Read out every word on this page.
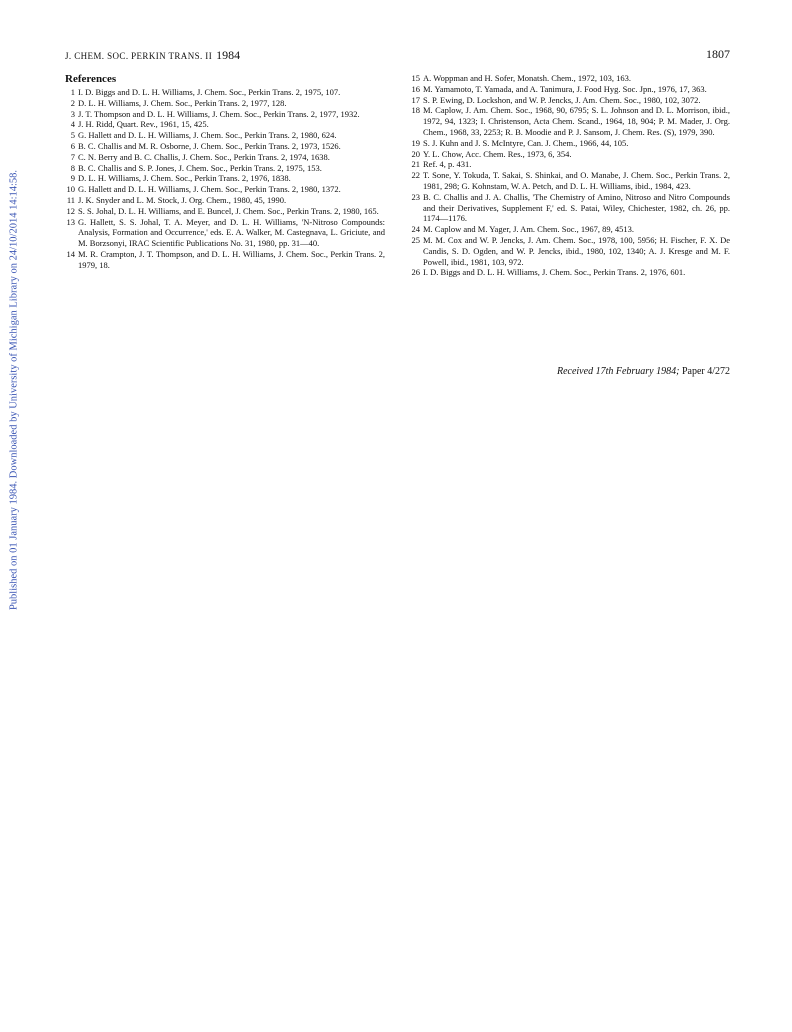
Published on 01 January 1984. Downloaded by University of Michigan Library on 24/10/2014 14:14:58.
J. CHEM. SOC. PERKIN TRANS. II 1984	1807
References
1 I. D. Biggs and D. L. H. Williams, J. Chem. Soc., Perkin Trans. 2, 1975, 107.
2 D. L. H. Williams, J. Chem. Soc., Perkin Trans. 2, 1977, 128.
3 J. T. Thompson and D. L. H. Williams, J. Chem. Soc., Perkin Trans. 2, 1977, 1932.
4 J. H. Ridd, Quart. Rev., 1961, 15, 425.
5 G. Hallett and D. L. H. Williams, J. Chem. Soc., Perkin Trans. 2, 1980, 624.
6 B. C. Challis and M. R. Osborne, J. Chem. Soc., Perkin Trans. 2, 1973, 1526.
7 C. N. Berry and B. C. Challis, J. Chem. Soc., Perkin Trans. 2, 1974, 1638.
8 B. C. Challis and S. P. Jones, J. Chem. Soc., Perkin Trans. 2, 1975, 153.
9 D. L. H. Williams, J. Chem. Soc., Perkin Trans. 2, 1976, 1838.
10 G. Hallett and D. L. H. Williams, J. Chem. Soc., Perkin Trans. 2, 1980, 1372.
11 J. K. Snyder and L. M. Stock, J. Org. Chem., 1980, 45, 1990.
12 S. S. Johal, D. L. H. Williams, and E. Buncel, J. Chem. Soc., Perkin Trans. 2, 1980, 165.
13 G. Hallett, S. S. Johal, T. A. Meyer, and D. L. H. Williams, 'N-Nitroso Compounds: Analysis, Formation and Occurrence,' eds. E. A. Walker, M. Castegnava, L. Griciute, and M. Borzsonyi, IRAC Scientific Publications No. 31, 1980, pp. 31—40.
14 M. R. Crampton, J. T. Thompson, and D. L. H. Williams, J. Chem. Soc., Perkin Trans. 2, 1979, 18.
15 A. Woppman and H. Sofer, Monatsh. Chem., 1972, 103, 163.
16 M. Yamamoto, T. Yamada, and A. Tanimura, J. Food Hyg. Soc. Jpn., 1976, 17, 363.
17 S. P. Ewing, D. Lockshon, and W. P. Jencks, J. Am. Chem. Soc., 1980, 102, 3072.
18 M. Caplow, J. Am. Chem. Soc., 1968, 90, 6795; S. L. Johnson and D. L. Morrison, ibid., 1972, 94, 1323; I. Christenson, Acta Chem. Scand., 1964, 18, 904; P. M. Mader, J. Org. Chem., 1968, 33, 2253; R. B. Moodie and P. J. Sansom, J. Chem. Res. (S), 1979, 390.
19 S. J. Kuhn and J. S. McIntyre, Can. J. Chem., 1966, 44, 105.
20 Y. L. Chow, Acc. Chem. Res., 1973, 6, 354.
21 Ref. 4, p. 431.
22 T. Sone, Y. Tokuda, T. Sakai, S. Shinkai, and O. Manabe, J. Chem. Soc., Perkin Trans. 2, 1981, 298; G. Kohnstam, W. A. Petch, and D. L. H. Williams, ibid., 1984, 423.
23 B. C. Challis and J. A. Challis, 'The Chemistry of Amino, Nitroso and Nitro Compounds and their Derivatives, Supplement F,' ed. S. Patai, Wiley, Chichester, 1982, ch. 26, pp. 1174—1176.
24 M. Caplow and M. Yager, J. Am. Chem. Soc., 1967, 89, 4513.
25 M. M. Cox and W. P. Jencks, J. Am. Chem. Soc., 1978, 100, 5956; H. Fischer, F. X. De Candis, S. D. Ogden, and W. P. Jencks, ibid., 1980, 102, 1340; A. J. Kresge and M. F. Powell, ibid., 1981, 103, 972.
26 I. D. Biggs and D. L. H. Williams, J. Chem. Soc., Perkin Trans. 2, 1976, 601.
Received 17th February 1984; Paper 4/272
